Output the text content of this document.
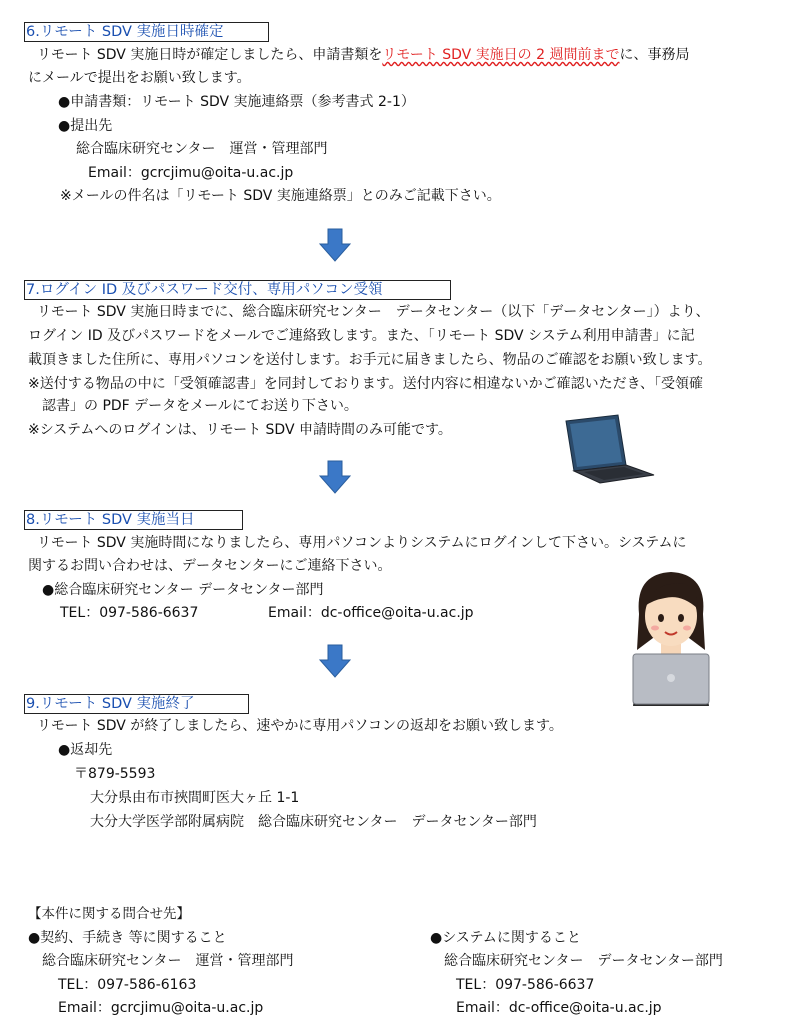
6.リモート SDV 実施日時確定
リモート SDV 実施日時が確定しましたら、申請書類をリモート SDV 実施日の 2 週間前までに、事務局
にメールで提出をお願い致します。
●申請書類：リモート SDV 実施連絡票（参考書式 2-1）
●提出先
総合臨床研究センター　運営・管理部門
Email：gcrcjimu@oita-u.ac.jp
※メールの件名は「リモート SDV 実施連絡票」とのみご記載下さい。
7.ログイン ID 及びパスワード交付、専用パソコン受領
リモート SDV 実施日時までに、総合臨床研究センター　データセンター（以下「データセンター」）より、
ログイン ID 及びパスワードをメールでご連絡致します。また、「リモート SDV システム利用申請書」に記
載頂きました住所に、専用パソコンを送付します。お手元に届きましたら、物品のご確認をお願い致します。
※送付する物品の中に「受領確認書」を同封しております。送付内容に相違ないかご確認いただき、「受領確
認書」の PDF データをメールにてお送り下さい。
※システムへのログインは、リモート SDV 申請時間のみ可能です。
8.リモート SDV 実施当日
リモート SDV 実施時間になりましたら、専用パソコンよりシステムにログインして下さい。システムに
関するお問い合わせは、データセンターにご連絡下さい。
●総合臨床研究センター データセンター部門
TEL：097-586-6637	Email：dc-office@oita-u.ac.jp
9.リモート SDV 実施終了
リモート SDV が終了しましたら、速やかに専用パソコンの返却をお願い致します。
●返却先
〒879-5593
大分県由布市挾間町医大ヶ丘 1-1
大分大学医学部附属病院　総合臨床研究センター　データセンター部門
【本件に関する問合せ先】
●契約、手続き 等に関すること
総合臨床研究センター　運営・管理部門
TEL：097-586-6163
Email：gcrcjimu@oita-u.ac.jp
●システムに関すること
総合臨床研究センター　データセンター部門
TEL：097-586-6637
Email：dc-office@oita-u.ac.jp
